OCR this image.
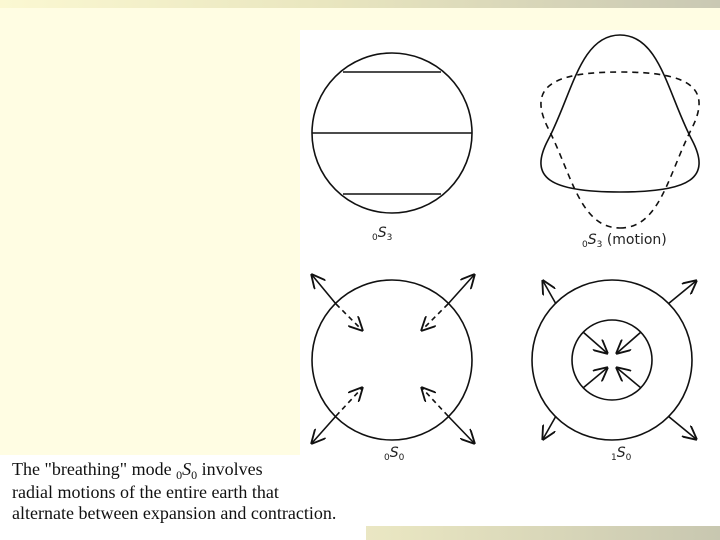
$_0S_3$
$_0S_3$ (motion)
$_0S_0$	$_1S_0$
The "breathing" mode $_0S_0$ involves
radial motions of the entire earth that
alternate between expansion and contraction.
